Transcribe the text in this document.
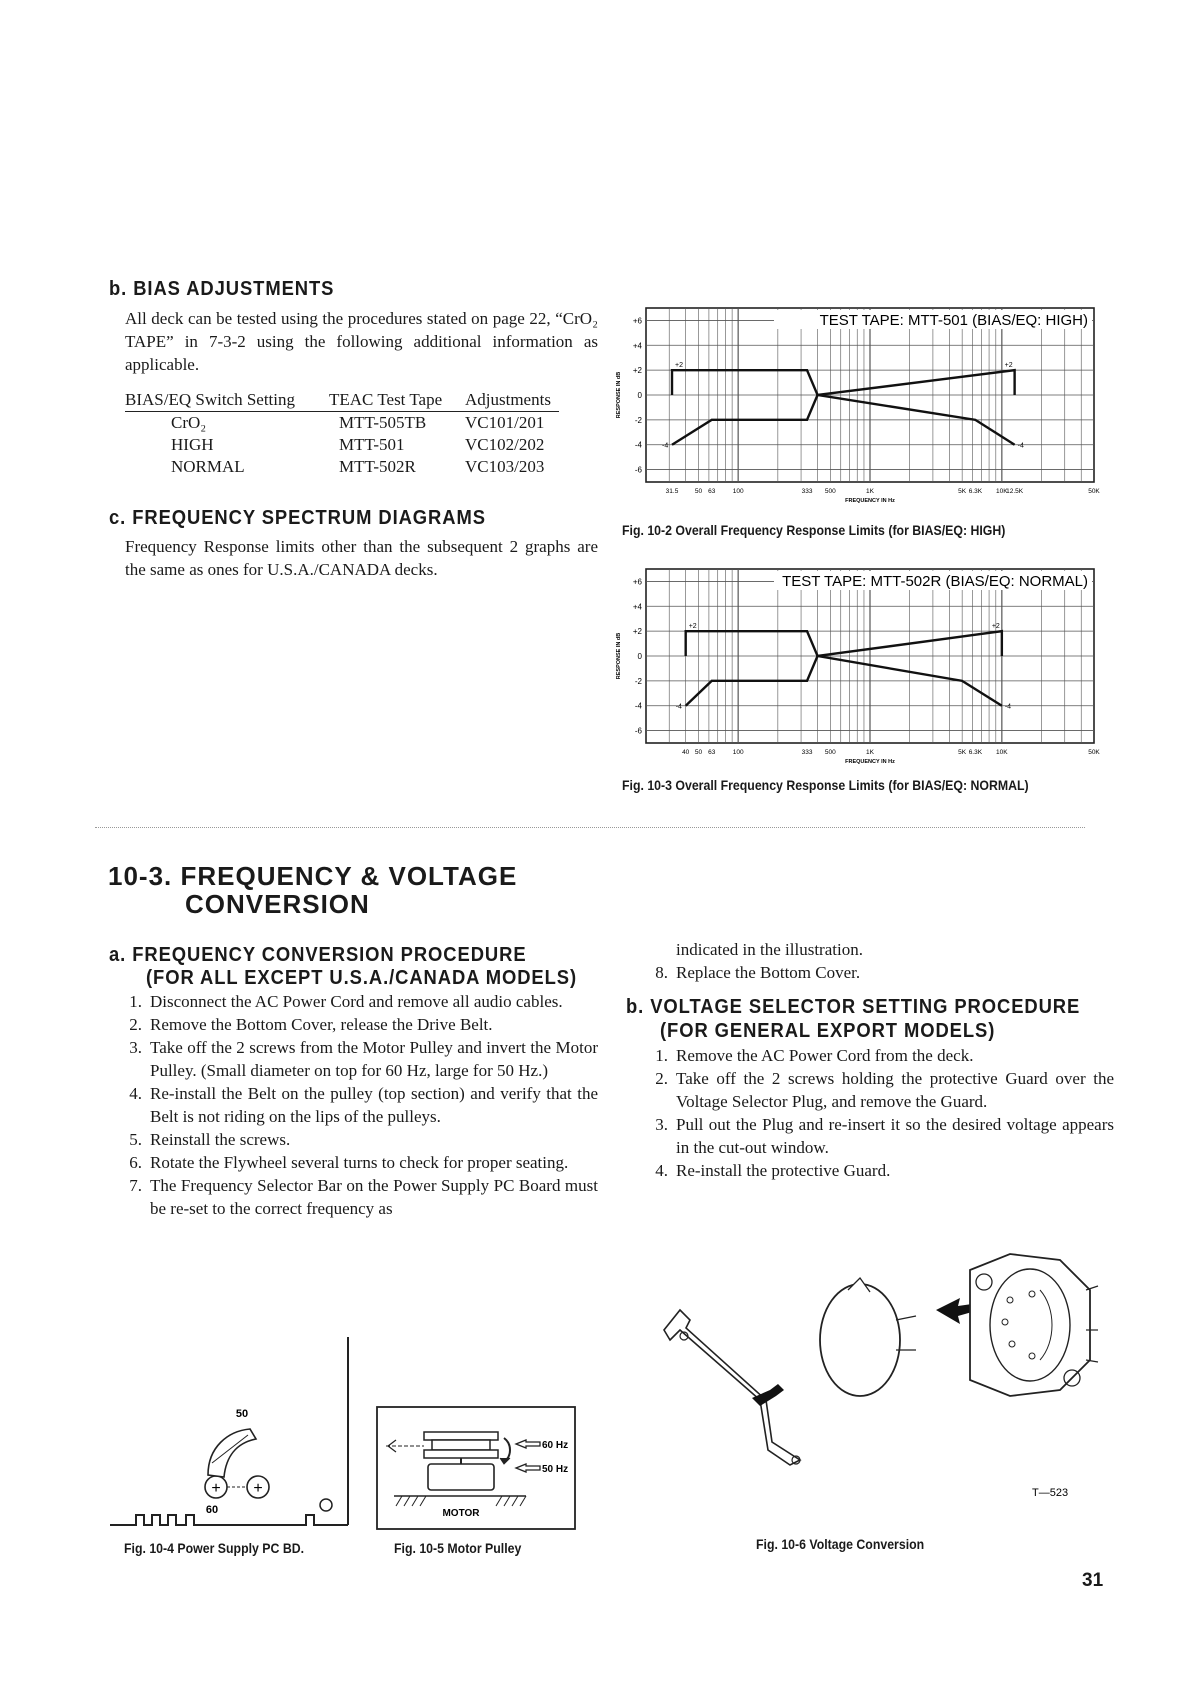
b. BIAS ADJUSTMENTS
All deck can be tested using the procedures stated on page 22, “CrO₂ TAPE” in 7-3-2 using the following additional information as applicable.
BIAS/EQ Switch Setting	TEAC Test Tape	Adjustments
CrO₂	MTT-505TB	VC101/201
HIGH	MTT-501	VC102/202
NORMAL	MTT-502R	VC103/203
c. FREQUENCY SPECTRUM DIAGRAMS
Frequency Response limits other than the subsequent 2 graphs are the same as ones for U.S.A./CANADA decks.
+6
+4
+2
0
-2
-4
-6
31.5	50 63	100	333 500	1K	5K 6.3K 10K
12.5K	50K
FREQUENCY IN Hz
RESPONSE IN dB
TEST TAPE: MTT-501 (BIAS/EQ: HIGH)
+2	+2
-4	-4
Fig. 10-2 Overall Frequency Response Limits (for BIAS/EQ: HIGH)
+6
+4
+2
0
-2
-4
-6
40 50 63	100	333 500	1K	5K 6.3K 10K	50K
FREQUENCY IN Hz
RESPONSE IN dB
TEST TAPE: MTT-502R (BIAS/EQ: NORMAL)
+2	+2
-4	-4
Fig. 10-3 Overall Frequency Response Limits (for BIAS/EQ: NORMAL)
10-3. FREQUENCY & VOLTAGE
CONVERSION
a. FREQUENCY CONVERSION PROCEDURE
(FOR ALL EXCEPT U.S.A./CANADA MODELS)
1. Disconnect the AC Power Cord and remove all audio cables.
2. Remove the Bottom Cover, release the Drive Belt.
3. Take off the 2 screws from the Motor Pulley and invert the Motor Pulley. (Small diameter on top for 60 Hz, large for 50 Hz.)
4. Re-install the Belt on the pulley (top section) and verify that the Belt is not riding on the lips of the pulleys.
5. Reinstall the screws.
6. Rotate the Flywheel several turns to check for proper seating.
7. The Frequency Selector Bar on the Power Supply PC Board must be re-set to the correct frequency as
indicated in the illustration.
8. Replace the Bottom Cover.
b. VOLTAGE SELECTOR SETTING PROCEDURE
(FOR GENERAL EXPORT MODELS)
1. Remove the AC Power Cord from the deck.
2. Take off the 2 screws holding the protective Guard over the Voltage Selector Plug, and remove the Guard.
3. Pull out the Plug and re-insert it so the desired voltage appears in the cut-out window.
4. Re-install the protective Guard.
+ +
50
60
Fig. 10-4 Power Supply PC BD.
60 Hz
50 Hz
MOTOR
Fig. 10-5 Motor Pulley
T—523
Fig. 10-6 Voltage Conversion
31
